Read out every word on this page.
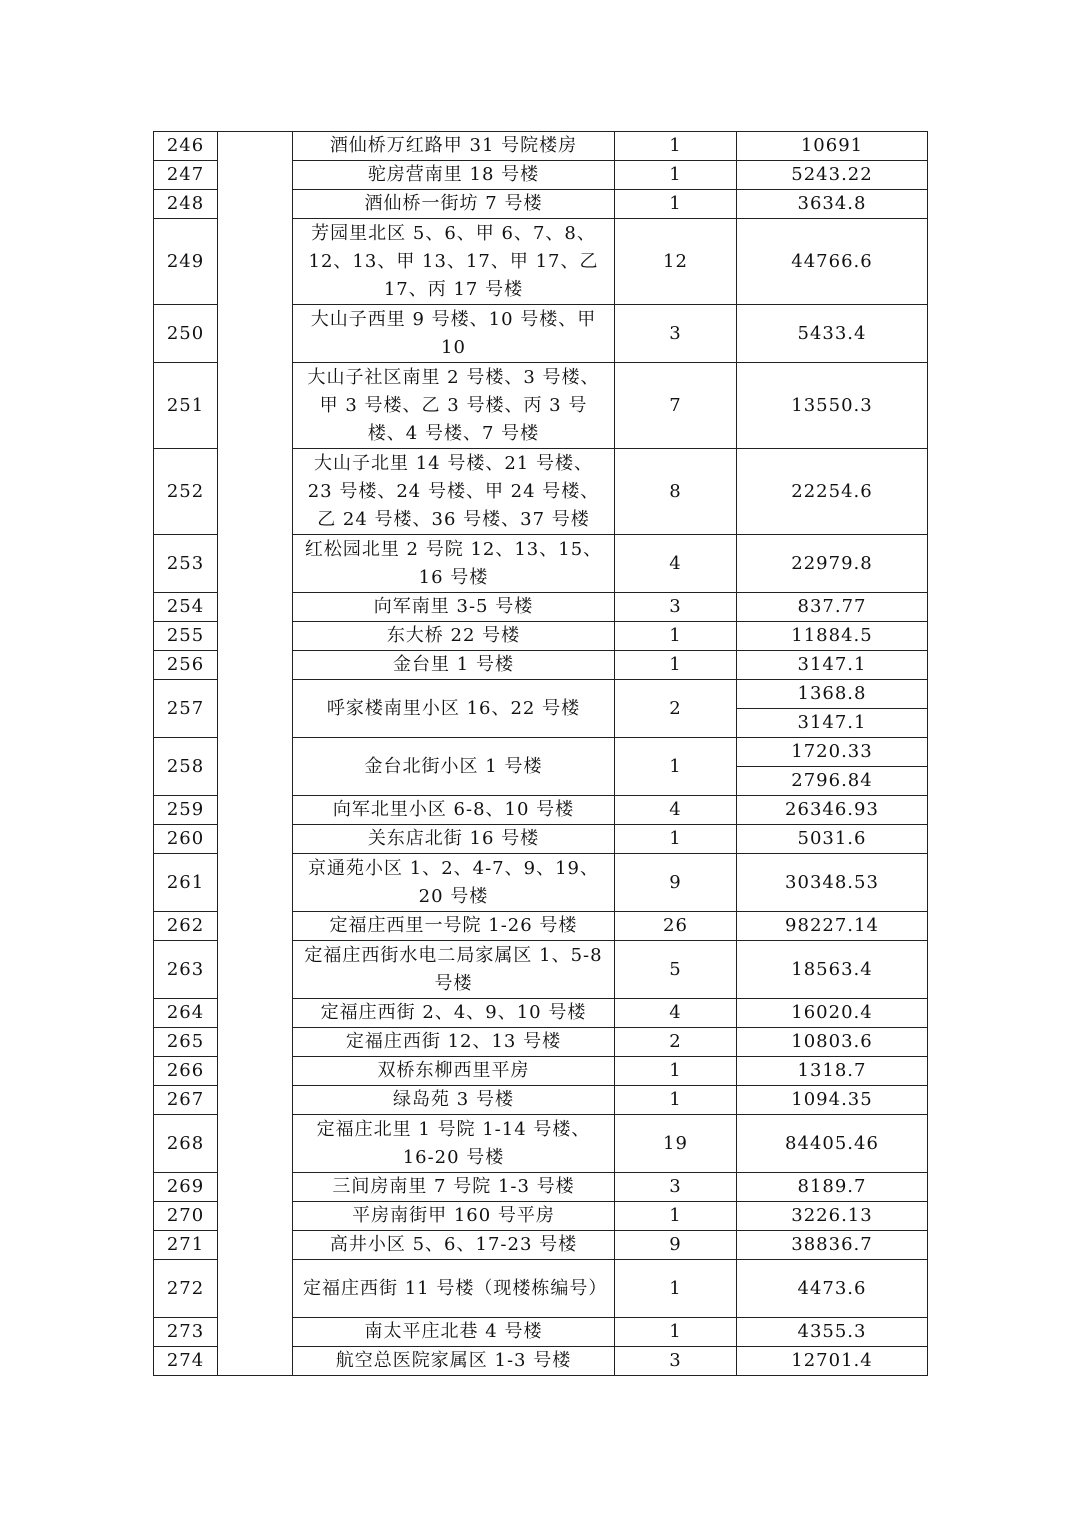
246		酒仙桥万红路甲 31 号院楼房	1	10691
247		驼房营南里 18 号楼	1	5243.22
248		酒仙桥一街坊 7 号楼	1	3634.8
249		芳园里北区 5、6、甲 6、7、8、12、13、甲 13、17、甲 17、乙 17、丙 17 号楼	12	44766.6
250		大山子西里 9 号楼、10 号楼、甲 10	3	5433.4
251		大山子社区南里 2 号楼、3 号楼、甲 3 号楼、乙 3 号楼、丙 3 号楼、4 号楼、7 号楼	7	13550.3
252		大山子北里 14 号楼、21 号楼、23 号楼、24 号楼、甲 24 号楼、乙 24 号楼、36 号楼、37 号楼	8	22254.6
253		红松园北里 2 号院 12、13、15、16 号楼	4	22979.8
254		向军南里 3-5 号楼	3	837.77
255		东大桥 22 号楼	1	11884.5
256		金台里 1 号楼	1	3147.1
257		呼家楼南里小区 16、22 号楼	2	1368.8
				3147.1
258		金台北街小区 1 号楼	1	1720.33
				2796.84
259		向军北里小区 6-8、10 号楼	4	26346.93
260		关东店北街 16 号楼	1	5031.6
261		京通苑小区 1、2、4-7、9、19、20 号楼	9	30348.53
262		定福庄西里一号院 1-26 号楼	26	98227.14
263		定福庄西街水电二局家属区 1、5-8 号楼	5	18563.4
264		定福庄西街 2、4、9、10 号楼	4	16020.4
265		定福庄西街 12、13 号楼	2	10803.6
266		双桥东柳西里平房	1	1318.7
267		绿岛苑 3 号楼	1	1094.35
268		定福庄北里 1 号院 1-14 号楼、16-20 号楼	19	84405.46
269		三间房南里 7 号院 1-3 号楼	3	8189.7
270		平房南街甲 160 号平房	1	3226.13
271		高井小区 5、6、17-23 号楼	9	38836.7
272		定福庄西街 11 号楼（现楼栋编号）	1	4473.6
273		南太平庄北巷 4 号楼	1	4355.3
274		航空总医院家属区 1-3 号楼	3	12701.4
